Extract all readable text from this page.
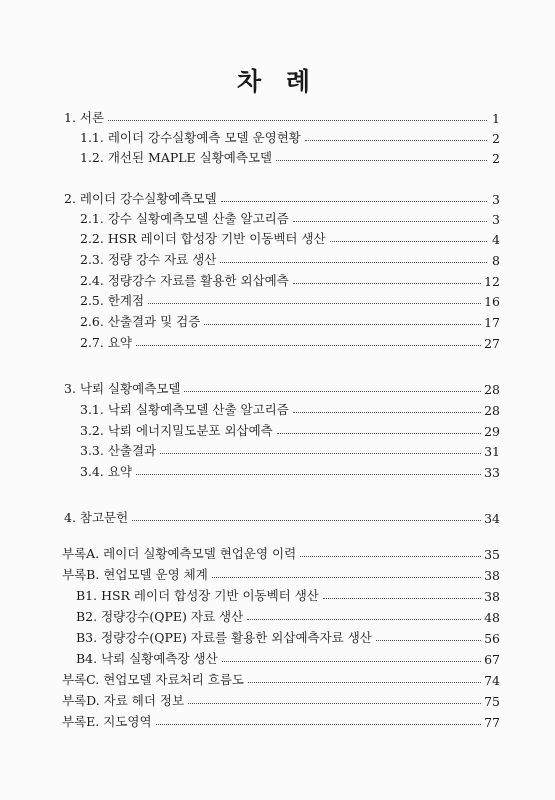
차 례
1. 서론	1
1.1. 레이더 강수실황예측 모델 운영현황	2
1.2. 개선된 MAPLE 실황예측모델	2
2. 레이더 강수실황예측모델	3
2.1. 강수 실황예측모델 산출 알고리즘	3
2.2. HSR 레이더 합성장 기반 이동벡터 생산	4
2.3. 정량 강수 자료 생산	8
2.4. 정량강수 자료를 활용한 외삽예측	12
2.5. 한계점	16
2.6. 산출결과 및 검증	17
2.7. 요약	27
3. 낙뢰 실황예측모델	28
3.1. 낙뢰 실황예측모델 산출 알고리즘	28
3.2. 낙뢰 에너지밀도분포 외삽예측	29
3.3. 산출결과	31
3.4. 요약	33
4. 참고문헌	34
부록A. 레이더 실황예측모델 현업운영 이력	35
부록B. 현업모델 운영 체계	38
B1. HSR 레이더 합성장 기반 이동벡터 생산	38
B2. 정량강수(QPE) 자료 생산	48
B3. 정량강수(QPE) 자료를 활용한 외삽예측자료 생산	56
B4. 낙뢰 실황예측장 생산	67
부록C. 현업모델 자료처리 흐름도	74
부록D. 자료 헤더 정보	75
부록E. 지도영역	77
